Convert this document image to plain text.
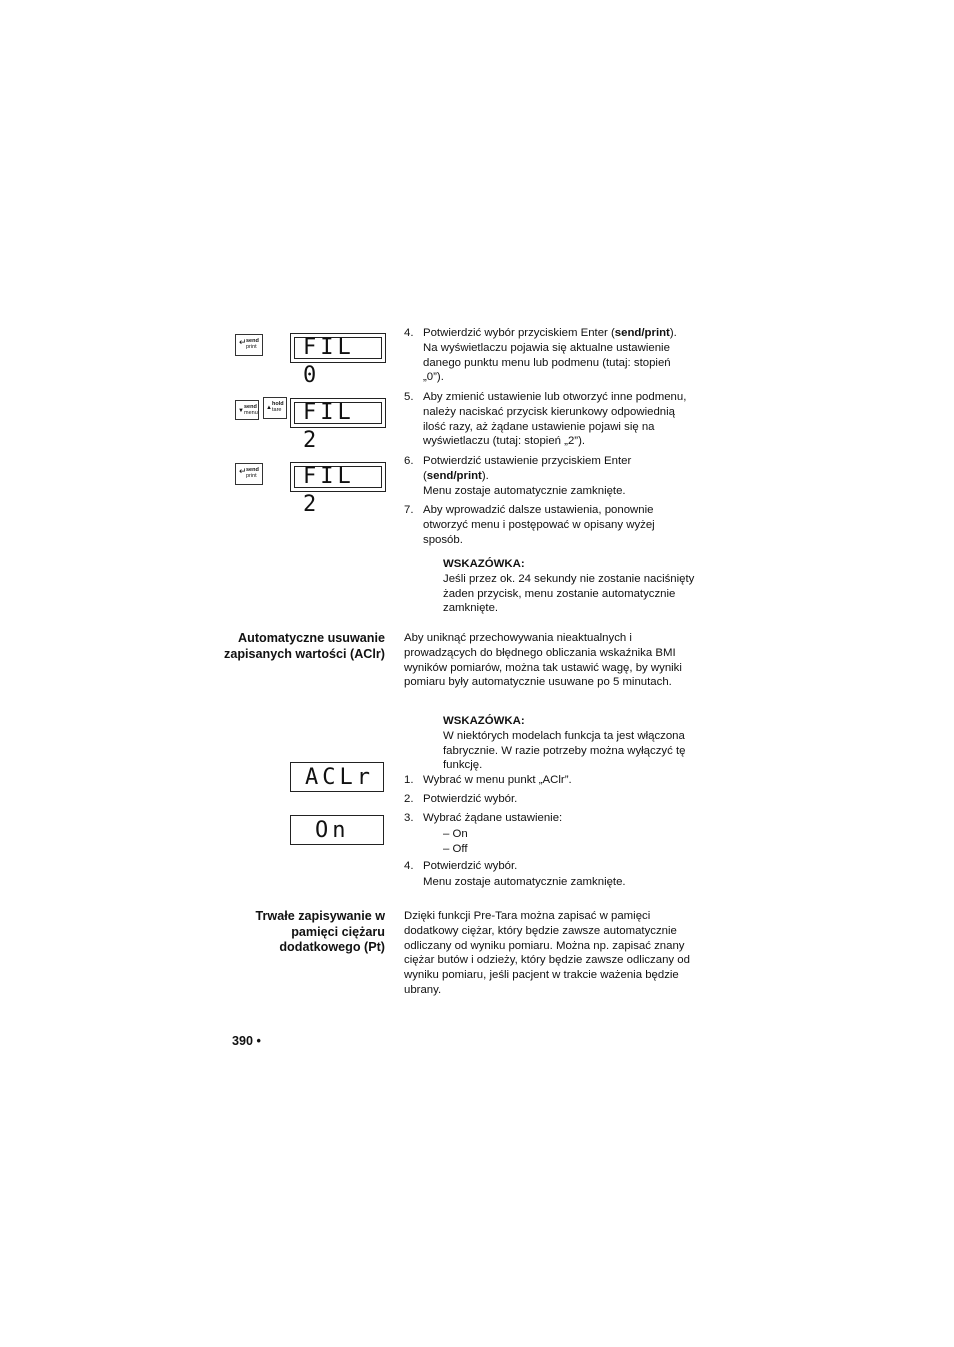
↵ send
print
▼
send
menu
▲
hold
tare
↵ send
print
FIL 0
FIL 2
FIL 2
ACLr
On
4. Potwierdzić wybór przyciskiem Enter (send/print).
Na wyświetlaczu pojawia się aktualne ustawienie danego punktu menu lub podmenu (tutaj: stopień „0”).
5. Aby zmienić ustawienie lub otworzyć inne podmenu, należy naciskać przycisk kierunkowy odpowiednią ilość razy, aż żądane ustawienie pojawi się na wyświetlaczu (tutaj: stopień „2”).
6. Potwierdzić ustawienie przyciskiem Enter (send/print).
Menu zostaje automatycznie zamknięte.
7. Aby wprowadzić dalsze ustawienia, ponownie otworzyć menu i postępować w opisany wyżej sposób.
WSKAZÓWKA:
Jeśli przez ok. 24 sekundy nie zostanie naciśnięty żaden przycisk, menu zostanie automatycznie zamknięte.
Automatyczne usuwanie zapisanych wartości (AClr)
Aby uniknąć przechowywania nieaktualnych i prowadzących do błędnego obliczania wskaźnika BMI wyników pomiarów, można tak ustawić wagę, by wyniki pomiaru były automatycznie usuwane po 5 minutach.
WSKAZÓWKA:
W niektórych modelach funkcja ta jest włączona fabrycznie. W razie potrzeby można wyłączyć tę funkcję.
1. Wybrać w menu punkt „AClr”.
2. Potwierdzić wybór.
3. Wybrać żądane ustawienie:
– On
– Off
4. Potwierdzić wybór.
Menu zostaje automatycznie zamknięte.
Trwałe zapisywanie w pamięci ciężaru dodatkowego (Pt)
Dzięki funkcji Pre-Tara można zapisać w pamięci dodatkowy ciężar, który będzie zawsze automatycznie odliczany od wyniku pomiaru. Można np. zapisać znany ciężar butów i odzieży, który będzie zawsze odliczany od wyniku pomiaru, jeśli pacjent w trakcie ważenia będzie ubrany.
390 •
